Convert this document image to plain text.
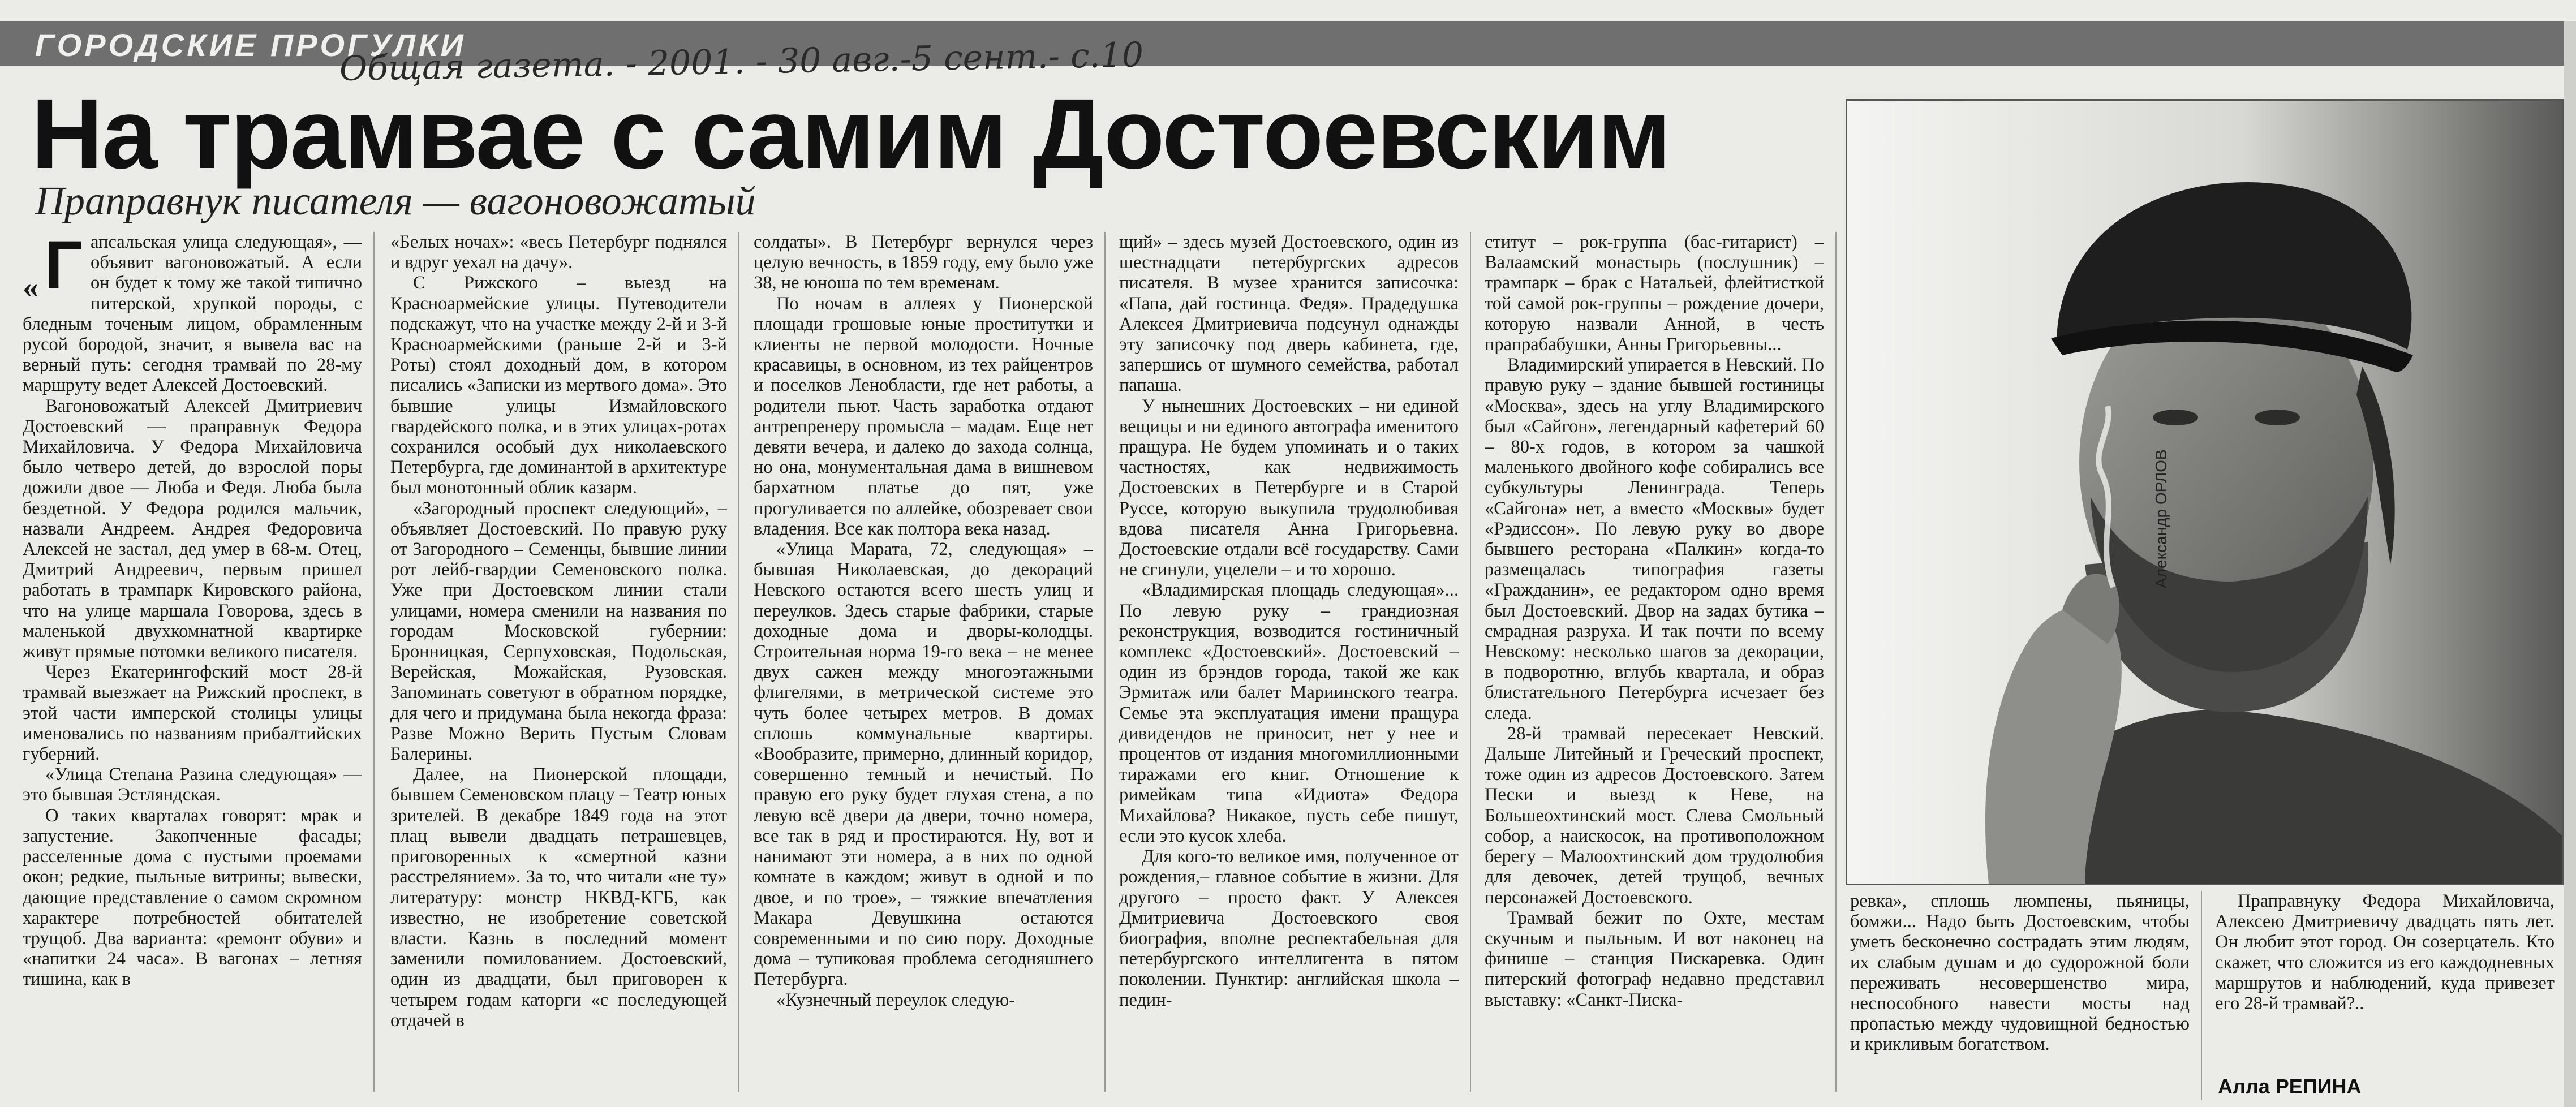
ГОРОДСКИЕ ПРОГУЛКИ
Общая газета. - 2001. - 30 авг.-5 сент.- с.10
На трамвае с самим Достоевским
Праправнук писателя — вагоновожатый
« Г апсальская улица следующая», — объявит вагоновожатый. А если он будет к тому же такой типично питерской, хрупкой породы, с бледным точеным лицом, обрамленным русой бородой, значит, я вывела вас на верный путь: сегодня трамвай по 28-му маршруту ведет Алексей Достоевский.

Вагоновожатый Алексей Дмитриевич Достоевский — праправнук Федора Михайловича. У Федора Михайловича было четверо детей, до взрослой поры дожили двое — Люба и Федя. Люба была бездетной. У Федора родился мальчик, назвали Андреем. Андрея Федоровича Алексей не застал, дед умер в 68-м. Отец, Дмитрий Андреевич, первым пришел работать в трампарк Кировского района, что на улице маршала Говорова, здесь в маленькой двухкомнатной квартирке живут прямые потомки великого писателя.

Через Екатерингофский мост 28-й трамвай выезжает на Рижский проспект, в этой части имперской столицы улицы именовались по названиям прибалтийских губерний.

«Улица Степана Разина следующая» — это бывшая Эстляндская.

О таких кварталах говорят: мрак и запустение. Закопченные фасады; расселенные дома с пустыми проемами окон; редкие, пыльные витрины; вывески, дающие представление о самом скромном характере потребностей обитателей трущоб. Два варианта: «ремонт обуви» и «напитки 24 часа». В вагонах – летняя тишина, как в

«Белых ночах»: «весь Петербург поднялся и вдруг уехал на дачу».

С Рижского – выезд на Красноармейские улицы. Путеводители подскажут, что на участке между 2-й и 3-й Красноармейскими (раньше 2-й и 3-й Роты) стоял доходный дом, в котором писались «Записки из мертвого дома». Это бывшие улицы Измайловского гвардейского полка, и в этих улицах-ротах сохранился особый дух николаевского Петербурга, где доминантой в архитектуре был монотонный облик казарм.

«Загородный проспект следующий», – объявляет Достоевский. По правую руку от Загородного – Семенцы, бывшие линии рот лейб-гвардии Семеновского полка. Уже при Достоевском линии стали улицами, номера сменили на названия по городам Московской губернии: Бронницкая, Серпуховская, Подольская, Верейская, Можайская, Рузовская. Запоминать советуют в обратном порядке, для чего и придумана была некогда фраза: Разве Можно Верить Пустым Словам Балерины.

Далее, на Пионерской площади, бывшем Семеновском плацу – Театр юных зрителей. В декабре 1849 года на этот плац вывели двадцать петрашевцев, приговоренных к «смертной казни расстрелянием». За то, что читали «не ту» литературу: монстр НКВД-КГБ, как известно, не изобретение советской власти. Казнь в последний момент заменили помилованием. Достоевский, один из двадцати, был приговорен к четырем годам каторги «с последующей отдачей в

солдаты». В Петербург вернулся через целую вечность, в 1859 году, ему было уже 38, не юноша по тем временам.

По ночам в аллеях у Пионерской площади грошовые юные проститутки и клиенты не первой молодости. Ночные красавицы, в основном, из тех райцентров и поселков Ленобласти, где нет работы, а родители пьют. Часть заработка отдают антрепренеру промысла – мадам. Еще нет девяти вечера, и далеко до захода солнца, но она, монументальная дама в вишневом бархатном платье до пят, уже прогуливается по аллейке, обозревает свои владения. Все как полтора века назад.

«Улица Марата, 72, следующая» – бывшая Николаевская, до декораций Невского остаются всего шесть улиц и переулков. Здесь старые фабрики, старые доходные дома и дворы-колодцы. Строительная норма 19-го века – не менее двух сажен между многоэтажными флигелями, в метрической системе это чуть более четырех метров. В домах сплошь коммунальные квартиры. «Вообразите, примерно, длинный коридор, совершенно темный и нечистый. По правую его руку будет глухая стена, а по левую всё двери да двери, точно номера, все так в ряд и простираются. Ну, вот и нанимают эти номера, а в них по одной комнате в каждом; живут в одной и по двое, и по трое», – тяжкие впечатления Макара Девушкина остаются современными и по сию пору. Доходные дома – тупиковая проблема сегодняшнего Петербурга.

«Кузнечный переулок следую-

щий» – здесь музей Достоевского, один из шестнадцати петербургских адресов писателя. В музее хранится записочка: «Папа, дай гостинца. Федя». Прадедушка Алексея Дмитриевича подсунул однажды эту записочку под дверь кабинета, где, запершись от шумного семейства, работал папаша.

У нынешних Достоевских – ни единой вещицы и ни единого автографа именитого пращура. Не будем упоминать и о таких частностях, как недвижимость Достоевских в Петербурге и в Старой Руссе, которую выкупила трудолюбивая вдова писателя Анна Григорьевна. Достоевские отдали всё государству. Сами не сгинули, уцелели – и то хорошо.

«Владимирская площадь следующая»... По левую руку – грандиозная реконструкция, возводится гостиничный комплекс «Достоевский». Достоевский – один из брэндов города, такой же как Эрмитаж или балет Мариинского театра. Семье эта эксплуатация имени пращура дивидендов не приносит, нет у нее и процентов от издания многомиллионными тиражами его книг. Отношение к римейкам типа «Идиота» Федора Михайлова? Никакое, пусть себе пишут, если это кусок хлеба.

Для кого-то великое имя, полученное от рождения,– главное событие в жизни. Для другого – просто факт. У Алексея Дмитриевича Достоевского своя биография, вполне респектабельная для петербургского интеллигента в пятом поколении. Пунктир: английская школа – педин-

ститут – рок-группа (бас-гитарист) – Валаамский монастырь (послушник) – трампарк – брак с Натальей, флейтисткой той самой рок-группы – рождение дочери, которую назвали Анной, в честь прапрабабушки, Анны Григорьевны...

Владимирский упирается в Невский. По правую руку – здание бывшей гостиницы «Москва», здесь на углу Владимирского был «Сайгон», легендарный кафетерий 60 – 80-х годов, в котором за чашкой маленького двойного кофе собирались все субкультуры Ленинграда. Теперь «Сайгона» нет, а вместо «Москвы» будет «Рэдиссон». По левую руку во дворе бывшего ресторана «Палкин» когда-то размещалась типография газеты «Гражданин», ее редактором одно время был Достоевский. Двор на задах бутика – смрадная разруха. И так почти по всему Невскому: несколько шагов за декорации, в подворотню, вглубь квартала, и образ блистательного Петербурга исчезает без следа.

28-й трамвай пересекает Невский. Дальше Литейный и Греческий проспект, тоже один из адресов Достоевского. Затем Пески и выезд к Неве, на Большеохтинский мост. Слева Смольный собор, а наискосок, на противоположном берегу – Малоохтинский дом трудолюбия для девочек, детей трущоб, вечных персонажей Достоевского.

Трамвай бежит по Охте, местам скучным и пыльным. И вот наконец на финише – станция Пискаревка. Один питерский фотограф недавно представил выставку: «Санкт-Писка-

Александр ОРЛОВ

ревка», сплошь люмпены, пьяницы, бомжи... Надо быть Достоевским, чтобы уметь бесконечно сострадать этим людям, их слабым душам и до судорожной боли переживать несовершенство мира, неспособного навести мосты над пропастью между чудовищной бедностью и крикливым богатством.

Праправнуку Федора Михайловича, Алексею Дмитриевичу двадцать пять лет. Он любит этот город. Он созерцатель. Кто скажет, что сложится из его каждодневных маршрутов и наблюдений, куда привезет его 28-й трамвай?..

Алла РЕПИНА
